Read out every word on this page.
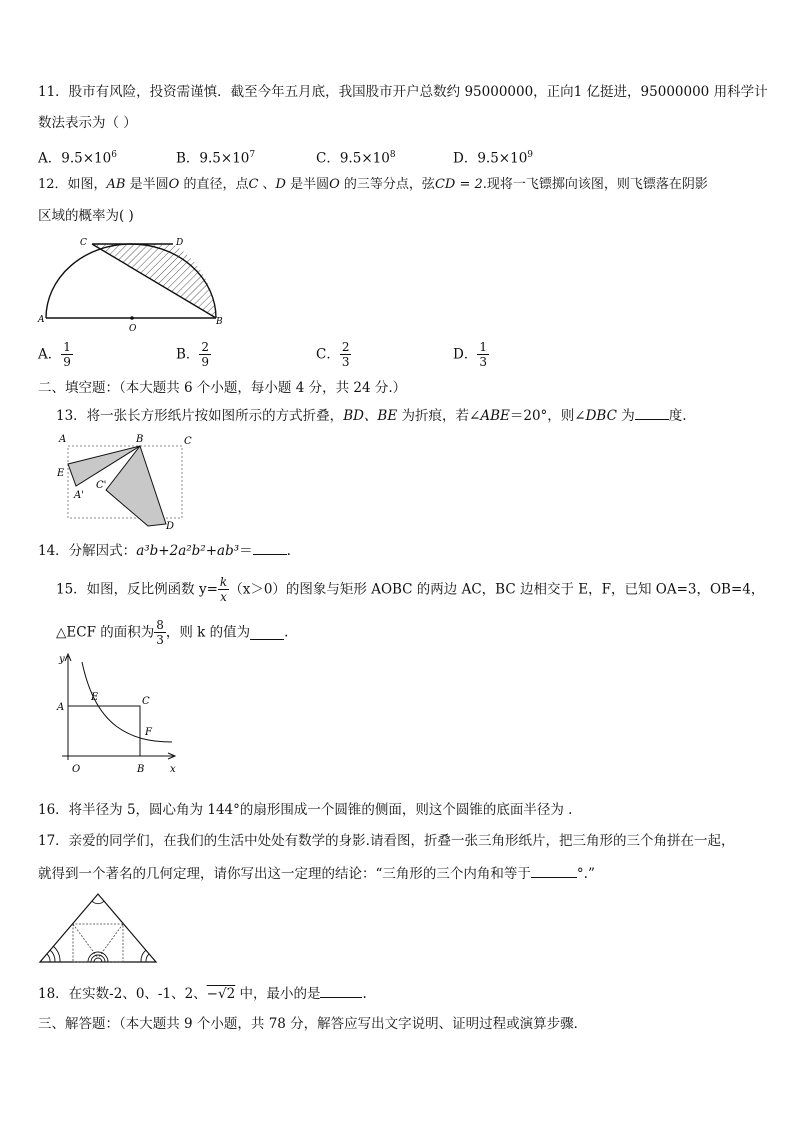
11．股市有风险，投资需谨慎．截至今年五月底，我国股市开户总数约 95000000，正向1 亿挺进，95000000 用科学计
数法表示为（ ）
A．$9.5\times 10^6$	B．$9.5\times 10^7$	C．$9.5\times 10^8$	D．$9.5\times 10^9$
12．如图，AB 是半圆O 的直径，点C 、D 是半圆O 的三等分点，弦CD = 2.现将一飞镖掷向该图，则飞镖落在阴影
区域的概率为( )
C	D
A	B
O
A． $\frac{1}{9}$	B． $\frac{2}{9}$	C． $\frac{2}{3}$	D． $\frac{1}{3}$
二、填空题：（本大题共 6 个小题，每小题 4 分，共 24 分.）
13．将一张长方形纸片按如图所示的方式折叠，BD、BE 为折痕，若∠ABE＝20°，则∠DBC 为	度.
A	B	C
E
A'
C'
D
14．分解因式：a³b+2a²b²+ab³＝	.
15．如图，反比例函数 $y= \frac{k}{x} (x>0)$的图象与矩形 AOBC 的两边 AC，BC 边相交于 E，F，已知 OA=3，OB=4，
△ECF 的面积为 $\frac{8}{3}$ ，则 k 的值为	.
y
A
E	C
F
O	B	x
16．将半径为 5，圆心角为 144°的扇形围成一个圆锥的侧面，则这个圆锥的底面半径为 .
17．亲爱的同学们，在我们的生活中处处有数学的身影.请看图，折叠一张三角形纸片，把三角形的三个角拼在一起，
就得到一个著名的几何定理，请你写出这一定理的结论：“三角形的三个内角和等于	°.”
18．在实数-2、0、-1、2、−√2 中，最小的是	.
三、解答题：（本大题共 9 个小题，共 78 分，解答应写出文字说明、证明过程或演算步骤．
